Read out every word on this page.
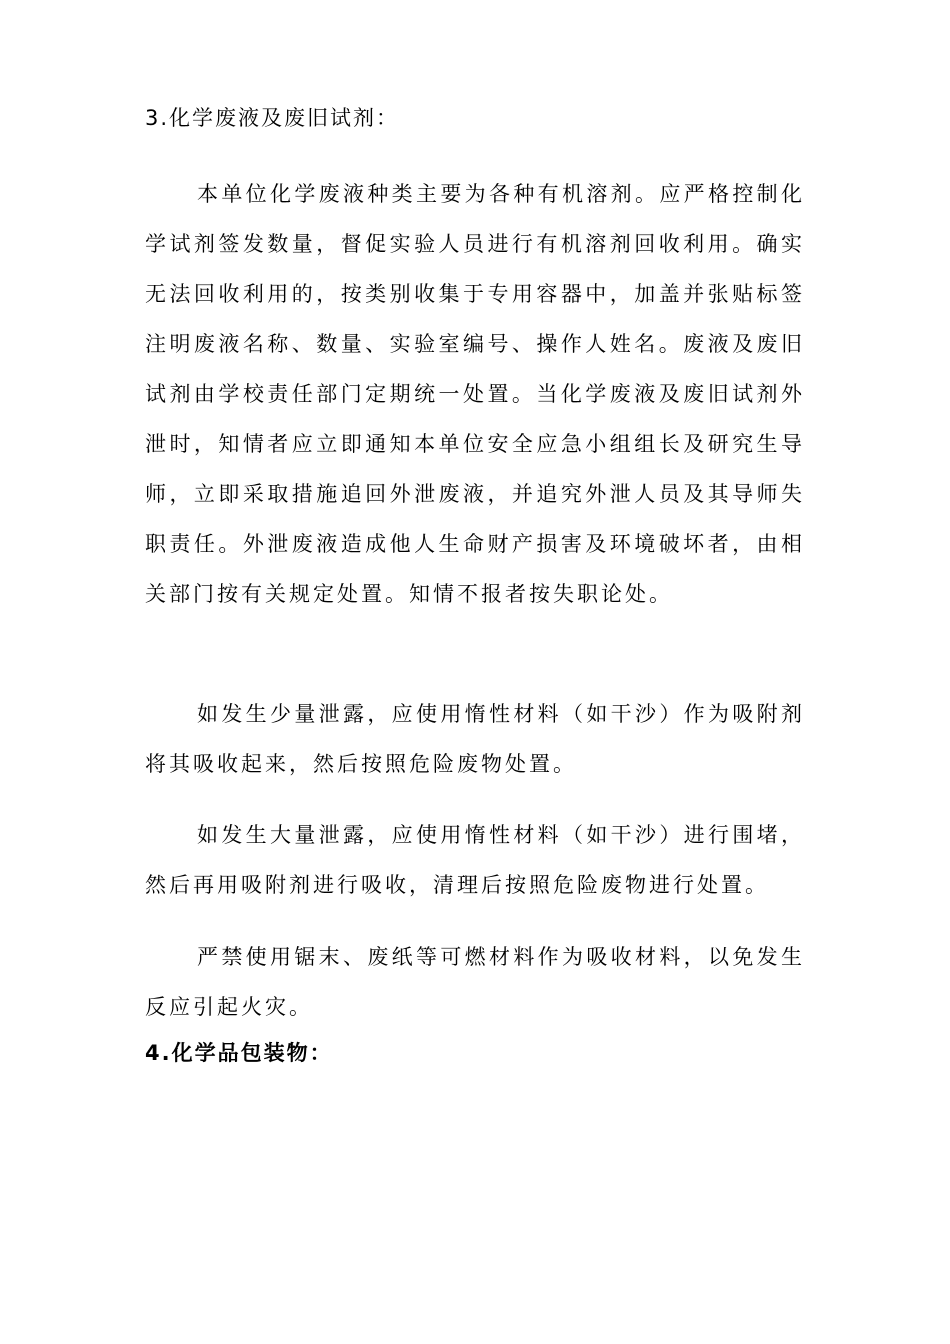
3.化学废液及废旧试剂：

本单位化学废液种类主要为各种有机溶剂。应严格控制化学试剂签发数量，督促实验人员进行有机溶剂回收利用。确实无法回收利用的，按类别收集于专用容器中，加盖并张贴标签注明废液名称、数量、实验室编号、操作人姓名。废液及废旧试剂由学校责任部门定期统一处置。当化学废液及废旧试剂外泄时，知情者应立即通知本单位安全应急小组组长及研究生导师，立即采取措施追回外泄废液，并追究外泄人员及其导师失职责任。外泄废液造成他人生命财产损害及环境破坏者，由相关部门按有关规定处置。知情不报者按失职论处。

如发生少量泄露，应使用惰性材料（如干沙）作为吸附剂将其吸收起来，然后按照危险废物处置。

如发生大量泄露，应使用惰性材料（如干沙）进行围堵，然后再用吸附剂进行吸收，清理后按照危险废物进行处置。

严禁使用锯末、废纸等可燃材料作为吸收材料，以免发生反应引起火灾。

4.化学品包装物：
